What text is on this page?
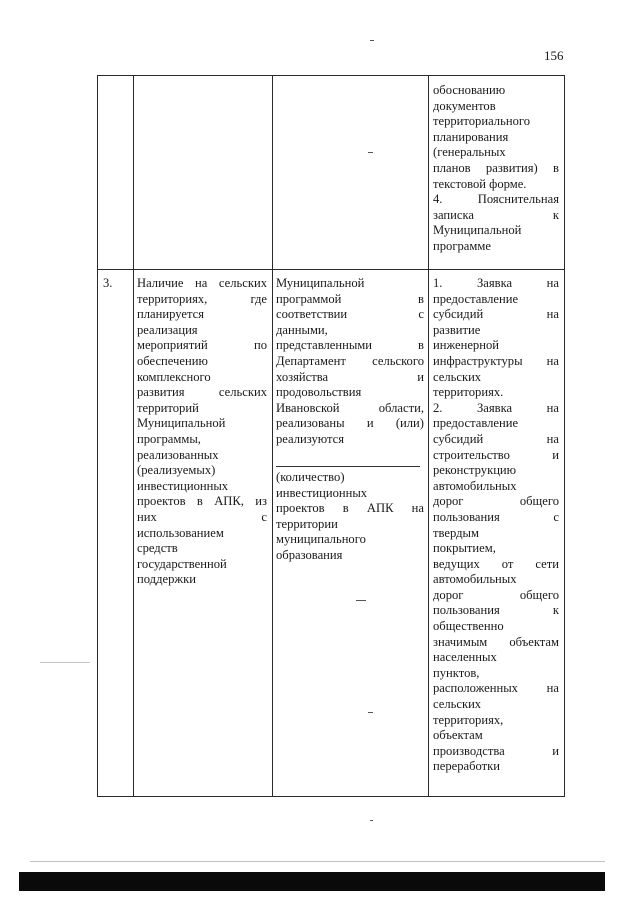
156
обоснованию
документов
территориального
планирования
(генеральных
планов развития) в
текстовой форме.
4. Пояснительная
записка к
Муниципальной
программе
3. Наличие на сельских
территориях, где
планируется
реализация
мероприятий по
обеспечению
комплексного
развития сельских
территорий
Муниципальной
программы,
реализованных
(реализуемых)
инвестиционных
проектов в АПК, из
них с
использованием
средств
государственной
поддержки
Муниципальной
программой в
соответствии с
данными,
представленными в
Департамент сельского
хозяйства и
продовольствия
Ивановской области,
реализованы и (или)
реализуются
(количество)
инвестиционных
проектов в АПК на
территории
муниципального
образования
1. Заявка на
предоставление
субсидий на
развитие
инженерной
инфраструктуры на
сельских
территориях.
2. Заявка на
предоставление
субсидий на
строительство и
реконструкцию
автомобильных
дорог общего
пользования с
твердым
покрытием,
ведущих от сети
автомобильных
дорог общего
пользования к
общественно
значимым объектам
населенных
пунктов,
расположенных на
сельских
территориях,
объектам
производства и
переработки
